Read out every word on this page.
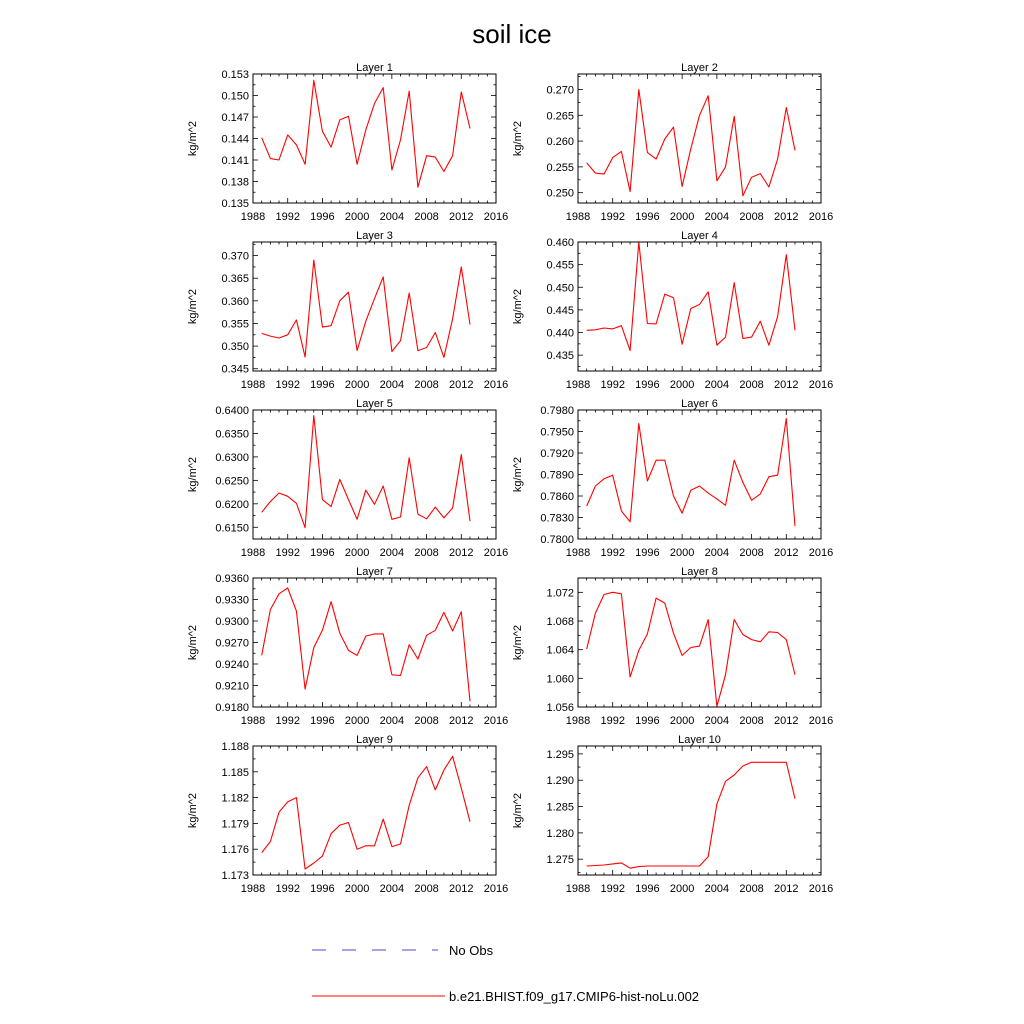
soil ice
Layer 1
kg/m^2
1988 1992 1996 2000 2004 2008 2012 2016
0.135
0.138
0.141
0.144
0.147
0.150
0.153
Layer 2
kg/m^2
1988 1992 1996 2000 2004 2008 2012 2016
0.250
0.255
0.260
0.265
0.270
Layer 3
kg/m^2
1988 1992 1996 2000 2004 2008 2012 2016
0.345
0.350
0.355
0.360
0.365
0.370
Layer 4
kg/m^2
1988 1992 1996 2000 2004 2008 2012 2016
0.435
0.440
0.445
0.450
0.455
0.460
Layer 5
kg/m^2
1988 1992 1996 2000 2004 2008 2012 2016
0.6150
0.6200
0.6250
0.6300
0.6350
0.6400
Layer 6
kg/m^2
1988 1992 1996 2000 2004 2008 2012 2016
0.7800
0.7830
0.7860
0.7890
0.7920
0.7950
0.7980
Layer 7
kg/m^2
1988 1992 1996 2000 2004 2008 2012 2016
0.9180
0.9210
0.9240
0.9270
0.9300
0.9330
0.9360
Layer 8
kg/m^2
1988 1992 1996 2000 2004 2008 2012 2016
1.056
1.060
1.064
1.068
1.072
Layer 9
kg/m^2
1988 1992 1996 2000 2004 2008 2012 2016
1.173
1.176
1.179
1.182
1.185
1.188
Layer 10
kg/m^2
1988 1992 1996 2000 2004 2008 2012 2016
1.275
1.280
1.285
1.290
1.295
No Obs
b.e21.BHIST.f09_g17.CMIP6-hist-noLu.002
